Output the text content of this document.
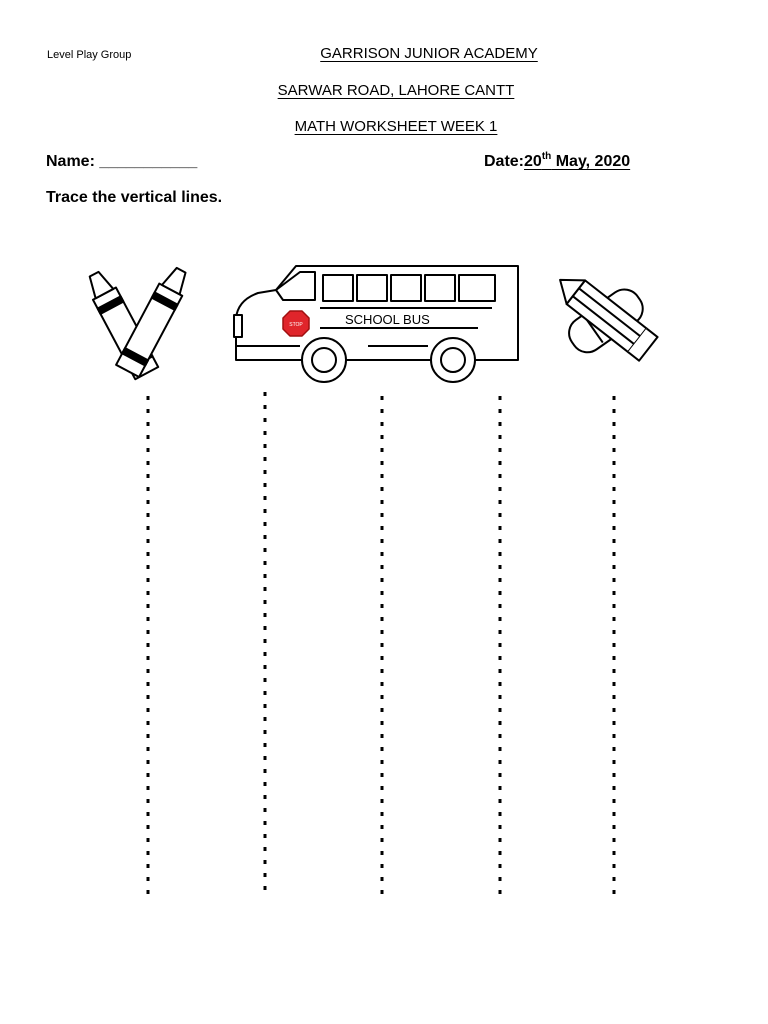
Level Play Group	GARRISON JUNIOR ACADEMY
SARWAR ROAD, LAHORE CANTT
MATH WORKSHEET WEEK 1
Name: ___________	Date:20th May, 2020
Trace the vertical lines.
STOP	SCHOOL BUS
